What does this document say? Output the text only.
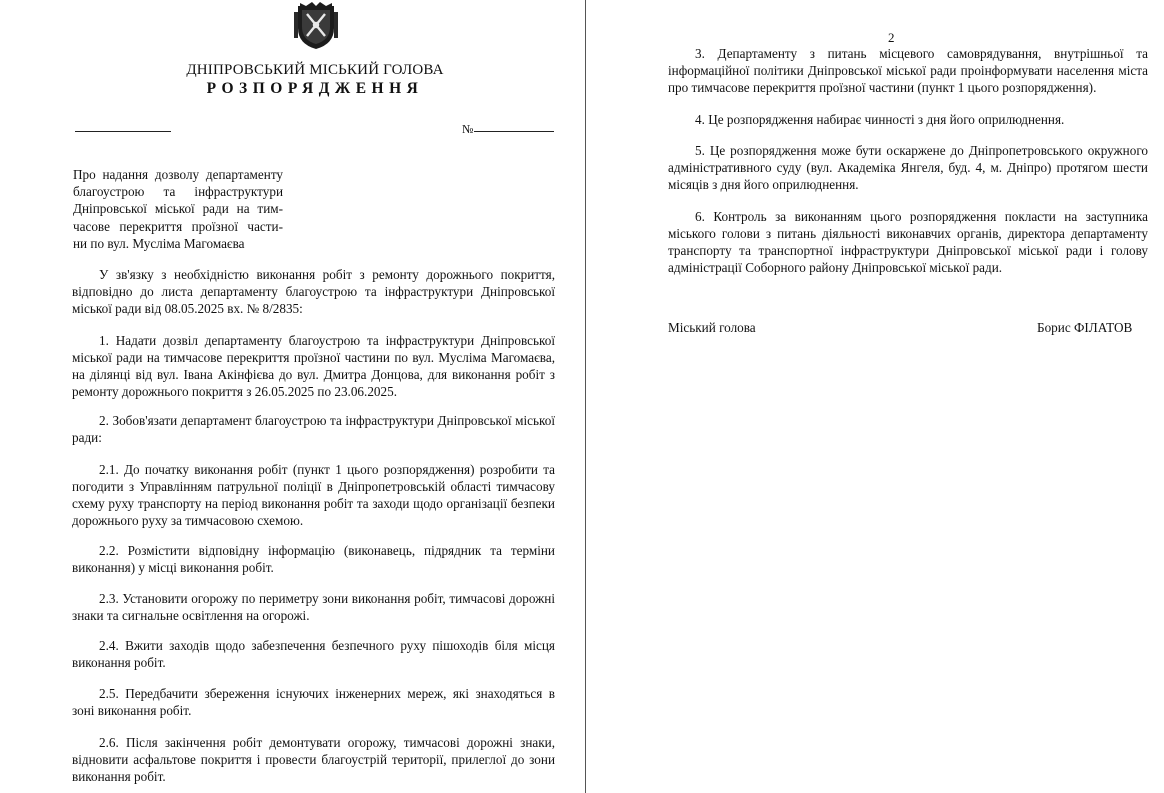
ДНІПРОВСЬКИЙ МІСЬКИЙ ГОЛОВА
РОЗПОРЯДЖЕННЯ
№
Про надання дозволу департаменту
благоустрою та інфраструктури
Дніпровської міської ради на тим-
часове перекриття проїзної части-
ни по вул. Мусліма Магомаєва

У зв'язку з необхідністю виконання робіт з ремонту дорожнього покриття, відповідно до листа департаменту благоустрою та інфраструктури Дніпровської міської ради від 08.05.2025 вх. № 8/2835:

1. Надати дозвіл департаменту благоустрою та інфраструктури Дніпровської міської ради на тимчасове перекриття проїзної частини по вул. Мусліма Магомаєва, на ділянці від вул. Івана Акінфієва до вул. Дмитра Донцова, для виконання робіт з ремонту дорожнього покриття з 26.05.2025 по 23.06.2025.

2. Зобов'язати департамент благоустрою та інфраструктури Дніпровської міської ради:

2.1. До початку виконання робіт (пункт 1 цього розпорядження) розробити та погодити з Управлінням патрульної поліції в Дніпропетровській області тимчасову схему руху транспорту на період виконання робіт та заходи щодо організації безпеки дорожнього руху за тимчасовою схемою.

2.2. Розмістити відповідну інформацію (виконавець, підрядник та терміни виконання) у місці виконання робіт.

2.3. Установити огорожу по периметру зони виконання робіт, тимчасові дорожні знаки та сигнальне освітлення на огорожі.

2.4. Вжити заходів щодо забезпечення безпечного руху пішоходів біля місця виконання робіт.

2.5. Передбачити збереження існуючих інженерних мереж, які знаходяться в зоні виконання робіт.

2.6. Після закінчення робіт демонтувати огорожу, тимчасові дорожні знаки, відновити асфальтове покриття і провести благоустрій території, прилеглої до зони виконання робіт.

2

3. Департаменту з питань місцевого самоврядування, внутрішньої та інформаційної політики Дніпровської міської ради проінформувати населення міста про тимчасове перекриття проїзної частини (пункт 1 цього розпорядження).

4. Це розпорядження набирає чинності з дня його оприлюднення.

5. Це розпорядження може бути оскаржене до Дніпропетровського окружного адміністративного суду (вул. Академіка Янгеля, буд. 4, м. Дніпро) протягом шести місяців з дня його оприлюднення.

6. Контроль за виконанням цього розпорядження покласти на заступника міського голови з питань діяльності виконавчих органів, директора департаменту транспорту та транспортної інфраструктури Дніпровської міської ради і голову адміністрації Соборного району Дніпровської міської ради.

Міський голова	Борис ФІЛАТОВ
